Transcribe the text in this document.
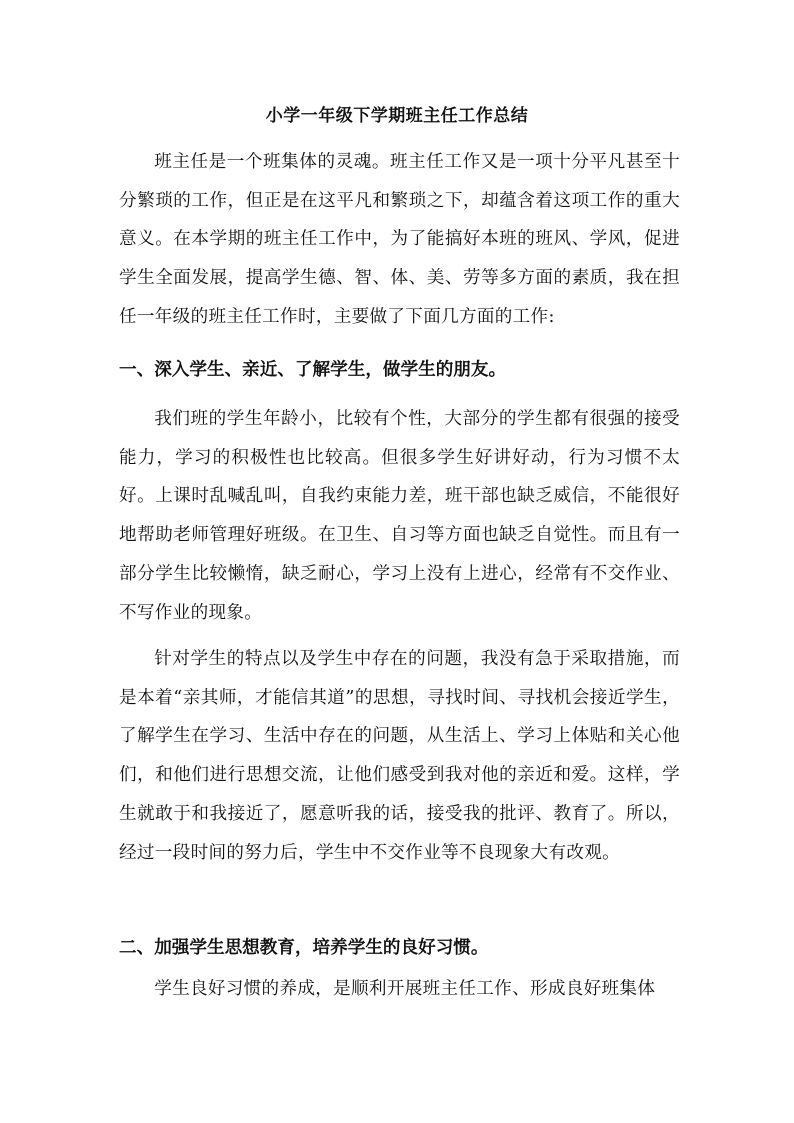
小学一年级下学期班主任工作总结

班主任是一个班集体的灵魂。班主任工作又是一项十分平凡甚至十分繁琐的工作，但正是在这平凡和繁琐之下，却蕴含着这项工作的重大意义。在本学期的班主任工作中，为了能搞好本班的班风、学风，促进学生全面发展，提高学生德、智、体、美、劳等多方面的素质，我在担任一年级的班主任工作时，主要做了下面几方面的工作:

一、深入学生、亲近、了解学生，做学生的朋友。

我们班的学生年龄小，比较有个性，大部分的学生都有很强的接受能力，学习的积极性也比较高。但很多学生好讲好动，行为习惯不太好。上课时乱喊乱叫，自我约束能力差，班干部也缺乏威信，不能很好地帮助老师管理好班级。在卫生、自习等方面也缺乏自觉性。而且有一部分学生比较懒惰，缺乏耐心，学习上没有上进心，经常有不交作业、不写作业的现象。

针对学生的特点以及学生中存在的问题，我没有急于采取措施，而是本着“亲其师，才能信其道”的思想，寻找时间、寻找机会接近学生，了解学生在学习、生活中存在的问题，从生活上、学习上体贴和关心他们，和他们进行思想交流，让他们感受到我对他的亲近和爱。这样，学生就敢于和我接近了，愿意听我的话，接受我的批评、教育了。所以，经过一段时间的努力后，学生中不交作业等不良现象大有改观。

二、加强学生思想教育，培养学生的良好习惯。

学生良好习惯的养成，是顺利开展班主任工作、形成良好班集体
